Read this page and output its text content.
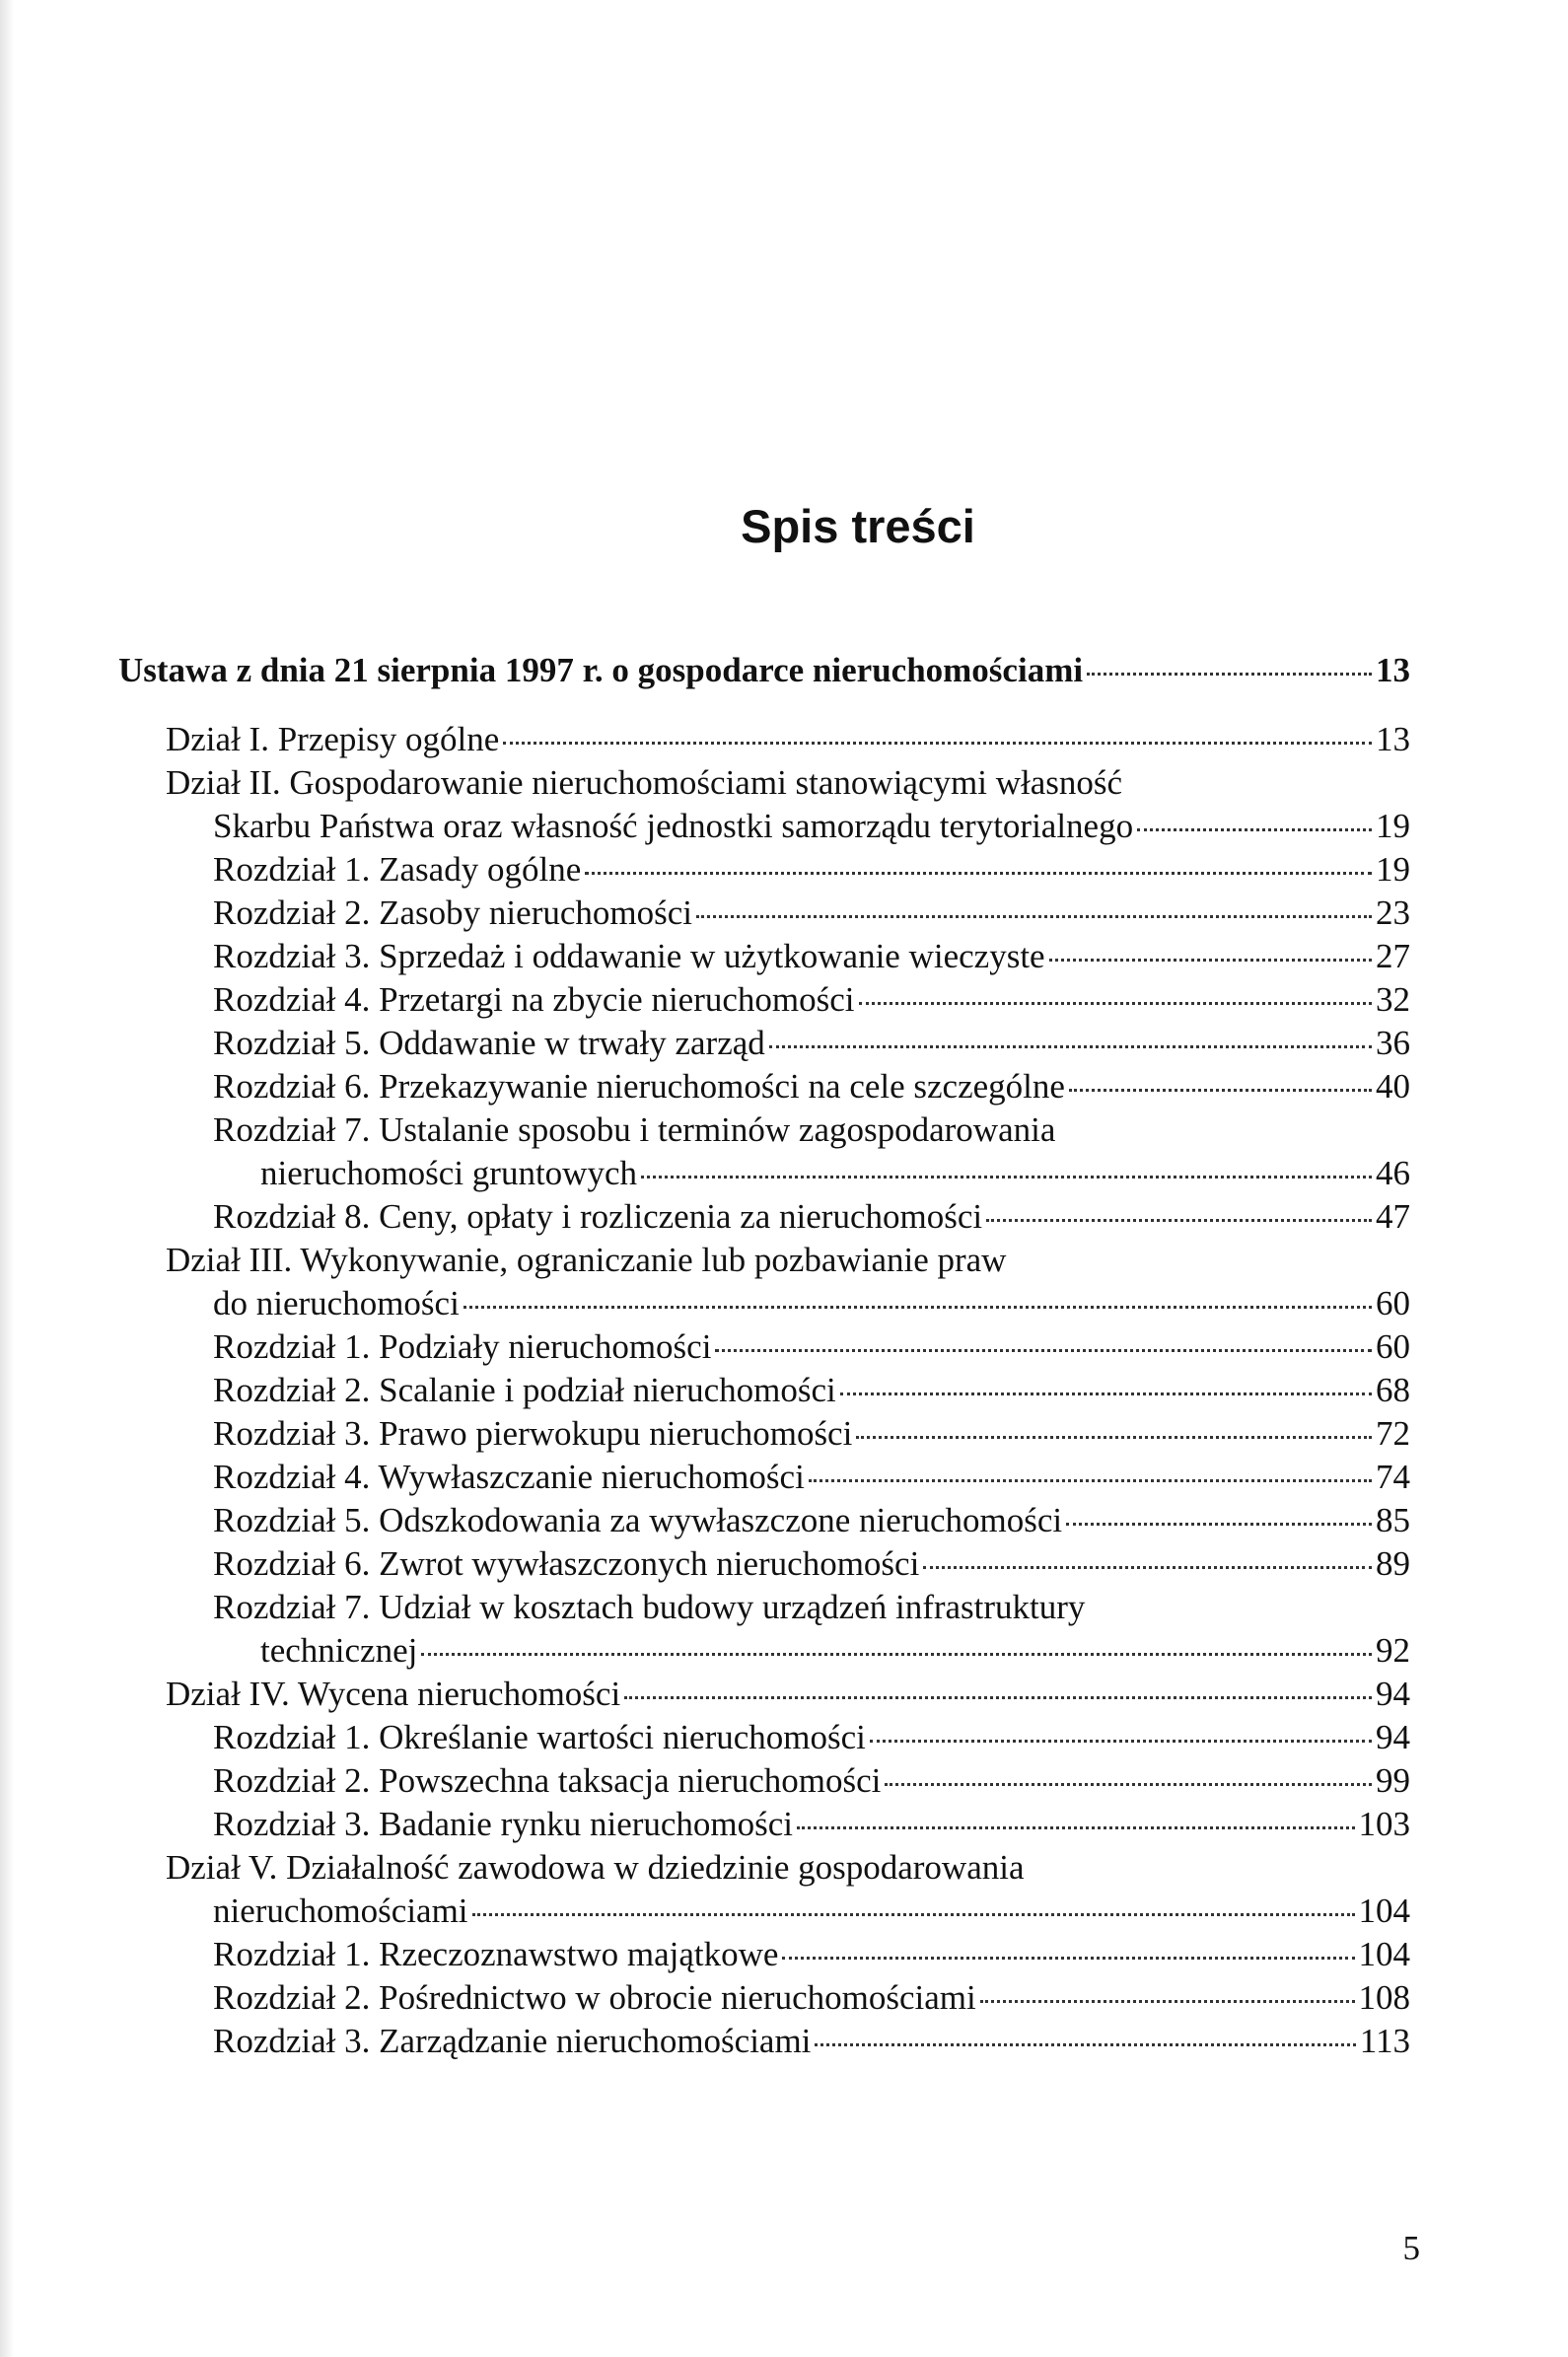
Spis treści
Ustawa z dnia 21 sierpnia 1997 r. o gospodarce nieruchomościami	13
Dział I. Przepisy ogólne	13
Dział II. Gospodarowanie nieruchomościami stanowiącymi własność
Skarbu Państwa oraz własność jednostki samorządu terytorialnego	19
Rozdział 1. Zasady ogólne	19
Rozdział 2. Zasoby nieruchomości	23
Rozdział 3. Sprzedaż i oddawanie w użytkowanie wieczyste	27
Rozdział 4. Przetargi na zbycie nieruchomości	32
Rozdział 5. Oddawanie w trwały zarząd	36
Rozdział 6. Przekazywanie nieruchomości na cele szczególne	40
Rozdział 7. Ustalanie sposobu i terminów zagospodarowania
nieruchomości gruntowych	46
Rozdział 8. Ceny, opłaty i rozliczenia za nieruchomości	47
Dział III. Wykonywanie, ograniczanie lub pozbawianie praw
do nieruchomości	60
Rozdział 1. Podziały nieruchomości	60
Rozdział 2. Scalanie i podział nieruchomości	68
Rozdział 3. Prawo pierwokupu nieruchomości	72
Rozdział 4. Wywłaszczanie nieruchomości	74
Rozdział 5. Odszkodowania za wywłaszczone nieruchomości	85
Rozdział 6. Zwrot wywłaszczonych nieruchomości	89
Rozdział 7. Udział w kosztach budowy urządzeń infrastruktury
technicznej	92
Dział IV. Wycena nieruchomości	94
Rozdział 1. Określanie wartości nieruchomości	94
Rozdział 2. Powszechna taksacja nieruchomości	99
Rozdział 3. Badanie rynku nieruchomości	103
Dział V. Działalność zawodowa w dziedzinie gospodarowania
nieruchomościami	104
Rozdział 1. Rzeczoznawstwo majątkowe	104
Rozdział 2. Pośrednictwo w obrocie nieruchomościami	108
Rozdział 3. Zarządzanie nieruchomościami	113
5
